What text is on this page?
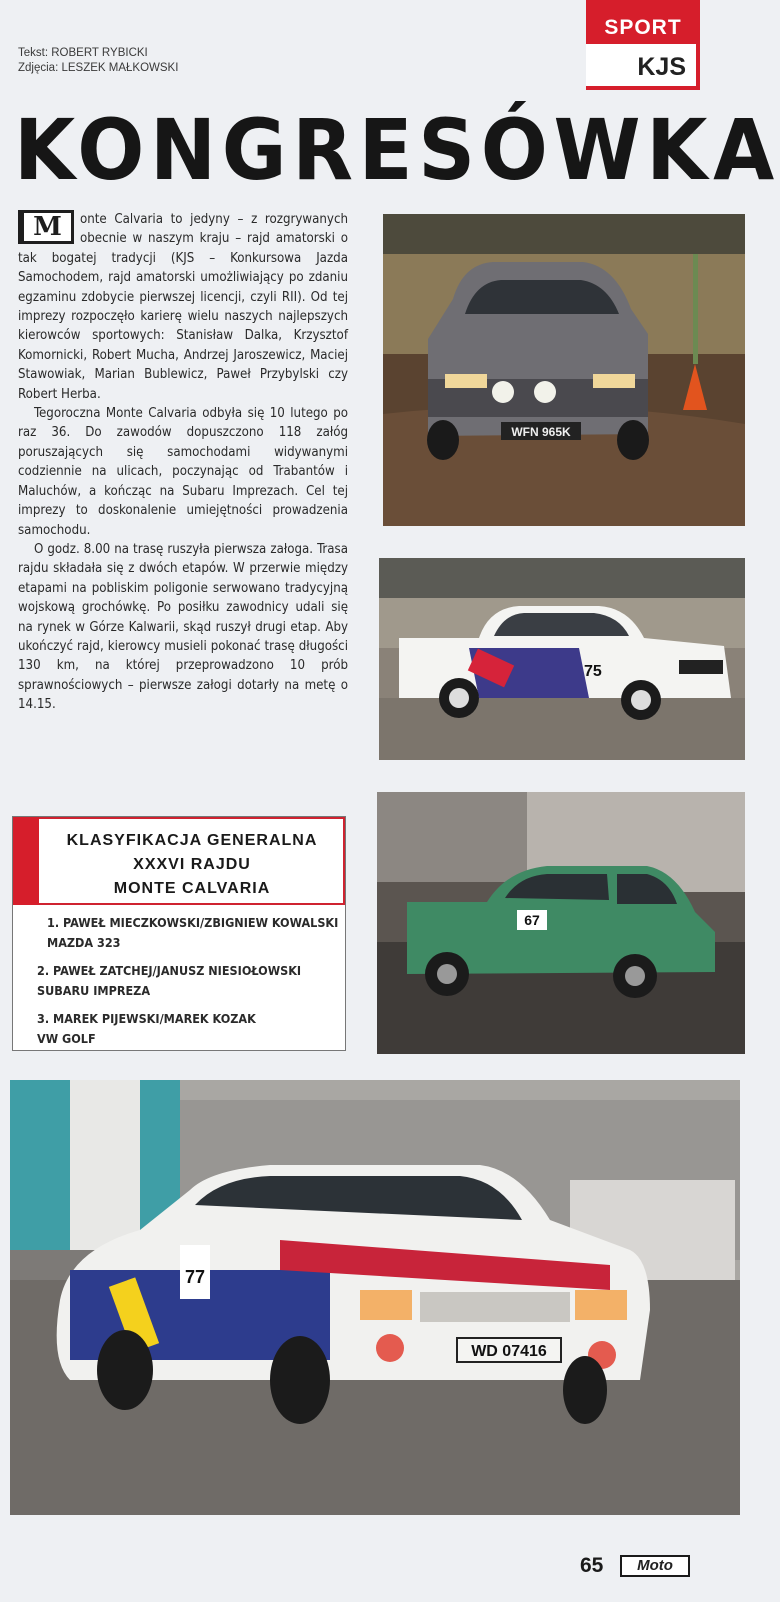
Tekst: ROBERT RYBICKI
Zdjęcia: LESZEK MAŁKOWSKI
SPORT
KJS
KONGRESÓWKA

M	onte Calvaria to jedyny – z rozgrywanych obecnie w naszym kraju – rajd amatorski o tak bogatej tradycji (KJS – Konkursowa Jazda Samochodem, rajd amatorski umożliwiający po zdaniu egzaminu zdobycie pierwszej licencji, czyli RII). Od tej imprezy rozpoczęło karierę wielu naszych najlepszych kierowców sportowych: Stanisław Dalka, Krzysztof Komornicki, Robert Mucha, Andrzej Jaroszewicz, Maciej Stawowiak, Marian Bublewicz, Paweł Przybylski czy Robert Herba.

Tegoroczna Monte Calvaria odbyła się 10 lutego po raz 36. Do zawodów dopuszczono 118 załóg poruszających się samochodami widywanymi codziennie na ulicach, poczynając od Trabantów i Maluchów, a kończąc na Subaru Imprezach. Cel tej imprezy to doskonalenie umiejętności prowadzenia samochodu.

O godz. 8.00 na trasę ruszyła pierwsza załoga. Trasa rajdu składała się z dwóch etapów. W przerwie między etapami na pobliskim poligonie serwowano tradycyjną wojskową grochówkę. Po posiłku zawodnicy udali się na rynek w Górze Kalwarii, skąd ruszył drugi etap. Aby ukończyć rajd, kierowcy musieli pokonać trasę długości 130 km, na której przeprowadzono 10 prób sprawnościowych – pierwsze załogi dotarły na metę o 14.15.

KLASYFIKACJA GENERALNA
XXXVI RAJDU
MONTE CALVARIA
1. PAWEŁ MIECZKOWSKI/ZBIGNIEW KOWALSKI
MAZDA 323
2. PAWEŁ ZATCHEJ/JANUSZ NIESIOŁOWSKI
SUBARU IMPREZA
3. MAREK PIJEWSKI/MAREK KOZAK
VW GOLF
WFN 965K
75
67
77
WD 07416
65	Moto
